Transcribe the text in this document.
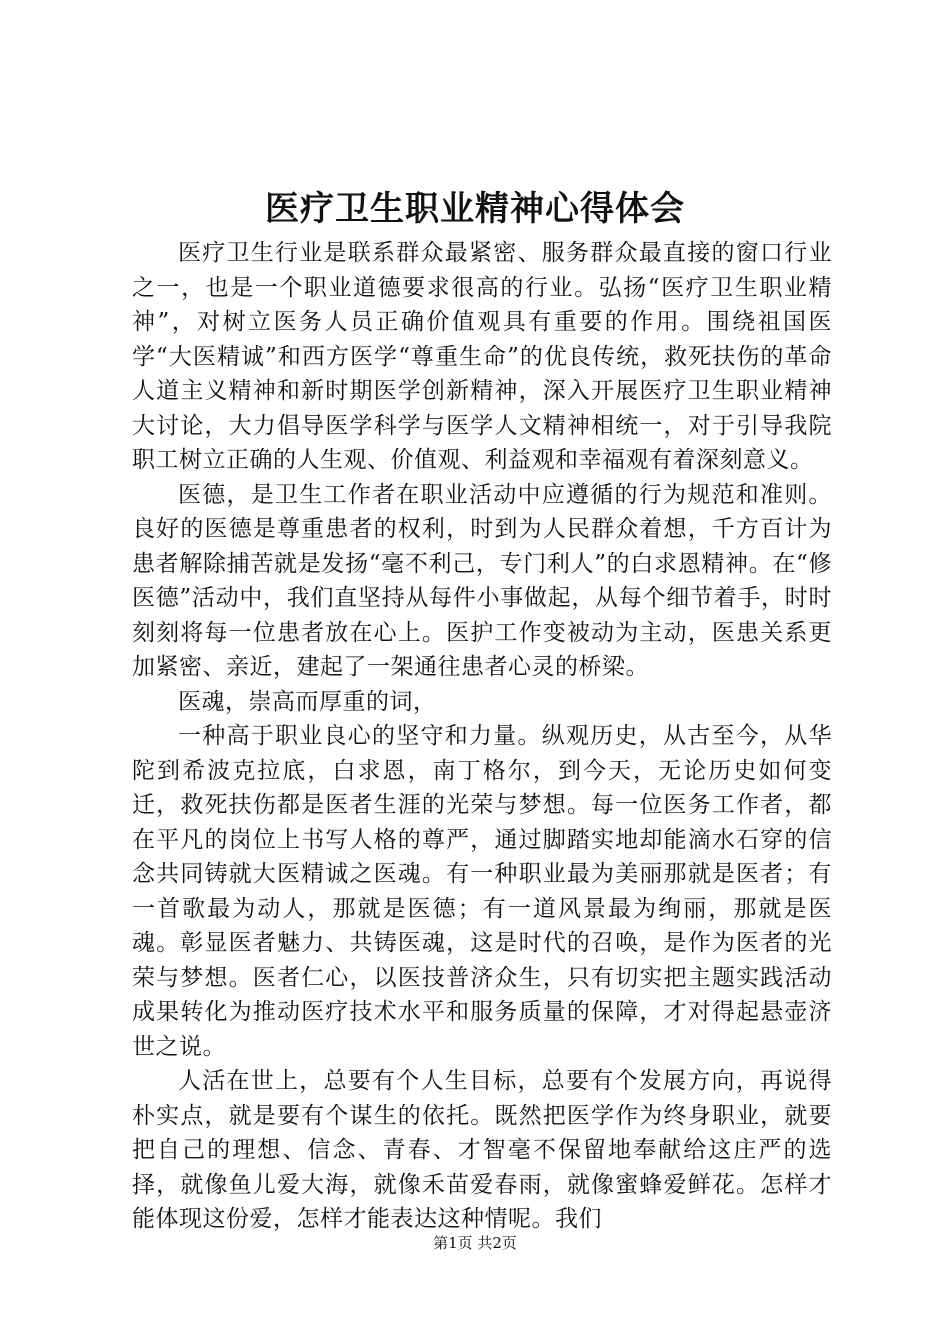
医疗卫生职业精神心得体会

医疗卫生行业是联系群众最紧密、服务群众最直接的窗口行业之一，也是一个职业道德要求很高的行业。弘扬“医疗卫生职业精神”，对树立医务人员正确价值观具有重要的作用。围绕祖国医学“大医精诚”和西方医学“尊重生命”的优良传统，救死扶伤的革命人道主义精神和新时期医学创新精神，深入开展医疗卫生职业精神大讨论，大力倡导医学科学与医学人文精神相统一，对于引导我院职工树立正确的人生观、价值观、利益观和幸福观有着深刻意义。

医德，是卫生工作者在职业活动中应遵循的行为规范和准则。良好的医德是尊重患者的权利，时到为人民群众着想，千方百计为患者解除捕苦就是发扬“毫不利己，专门利人”的白求恩精神。在“修医德”活动中，我们直坚持从每件小事做起，从每个细节着手，时时刻刻将每一位患者放在心上。医护工作变被动为主动，医患关系更加紧密、亲近，建起了一架通往患者心灵的桥梁。

医魂，崇高而厚重的词，

一种高于职业良心的坚守和力量。纵观历史，从古至今，从华陀到希波克拉底，白求恩，南丁格尔，到今天，无论历史如何变迁，救死扶伤都是医者生涯的光荣与梦想。每一位医务工作者，都在平凡的岗位上书写人格的尊严，通过脚踏实地却能滴水石穿的信念共同铸就大医精诚之医魂。有一种职业最为美丽那就是医者；有一首歌最为动人，那就是医德；有一道风景最为绚丽，那就是医魂。彰显医者魅力、共铸医魂，这是时代的召唤，是作为医者的光荣与梦想。医者仁心，以医技普济众生，只有切实把主题实践活动成果转化为推动医疗技术水平和服务质量的保障，才对得起悬壶济世之说。

人活在世上，总要有个人生目标，总要有个发展方向，再说得朴实点，就是要有个谋生的依托。既然把医学作为终身职业，就要把自己的理想、信念、青春、才智毫不保留地奉献给这庄严的选择，就像鱼儿爱大海，就像禾苗爱春雨，就像蜜蜂爱鲜花。怎样才能体现这份爱，怎样才能表达这种情呢。我们

第1页 共2页
